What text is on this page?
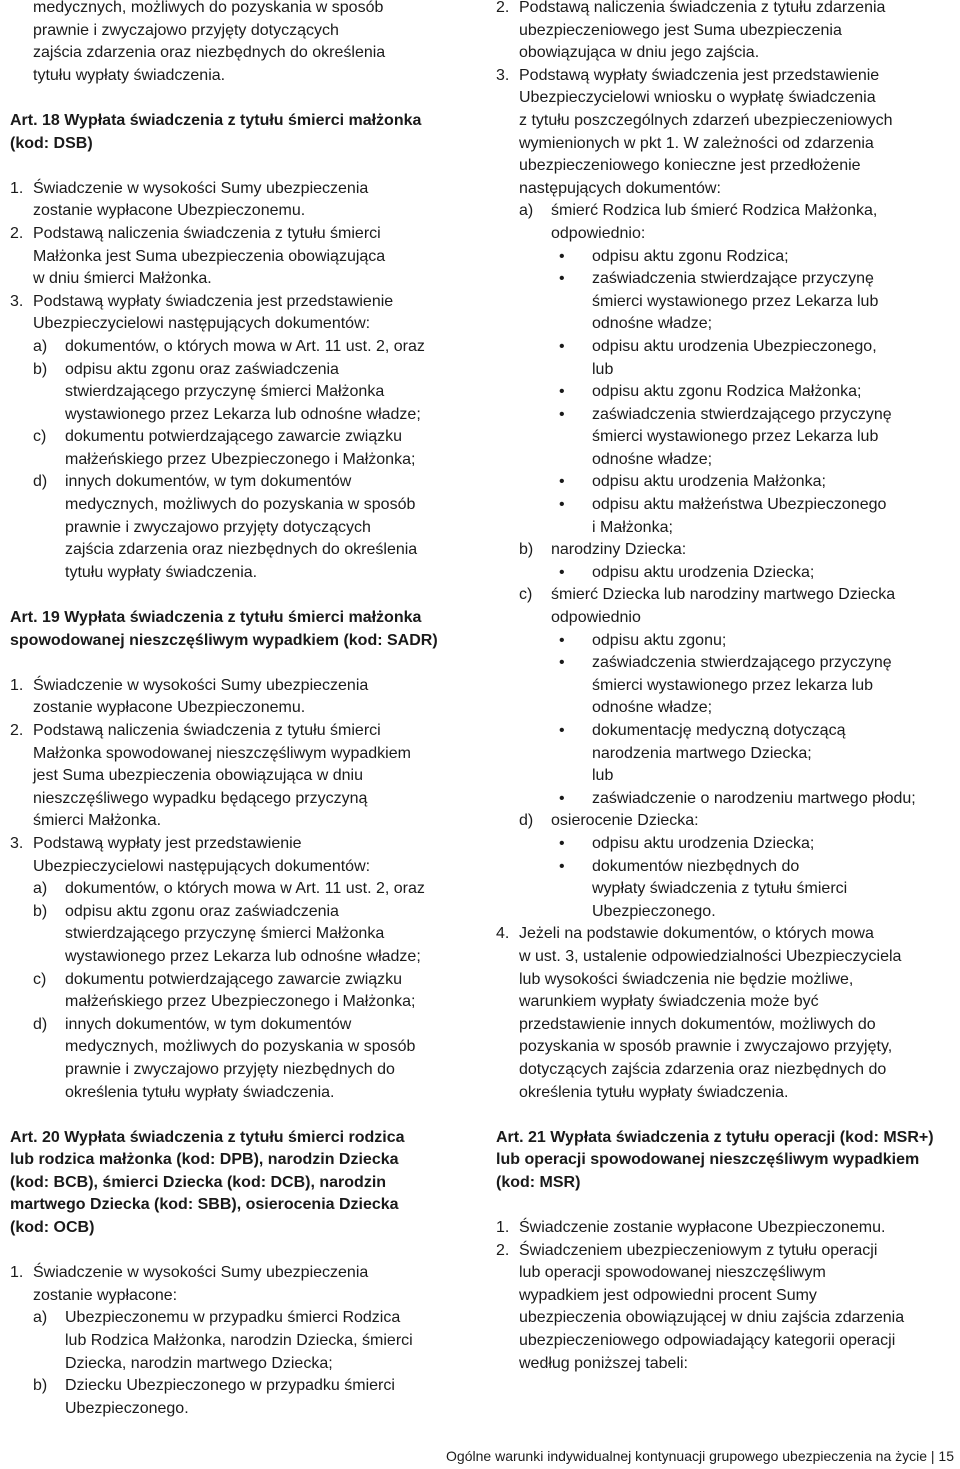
medycznych, możliwych do pozyskania w sposób
prawnie i zwyczajowo przyjęty dotyczących
zajścia zdarzenia oraz niezbędnych do określenia
tytułu wypłaty świadczenia.
Art. 18 Wypłata świadczenia z tytułu śmierci małżonka
(kod: DSB)
1. Świadczenie w wysokości Sumy ubezpieczenia
zostanie wypłacone Ubezpieczonemu.
2. Podstawą naliczenia świadczenia z tytułu śmierci
Małżonka jest Suma ubezpieczenia obowiązująca
w dniu śmierci Małżonka.
3. Podstawą wypłaty świadczenia jest przedstawienie
Ubezpieczycielowi następujących dokumentów:
a)	dokumentów, o których mowa w Art. 11 ust. 2, oraz
b)	odpisu aktu zgonu oraz zaświadczenia
stwierdzającego przyczynę śmierci Małżonka
wystawionego przez Lekarza lub odnośne władze;
c)	dokumentu potwierdzającego zawarcie związku
małżeńskiego przez Ubezpieczonego i Małżonka;
d)	innych dokumentów, w tym dokumentów
medycznych, możliwych do pozyskania w sposób
prawnie i zwyczajowo przyjęty dotyczących
zajścia zdarzenia oraz niezbędnych do określenia
tytułu wypłaty świadczenia.
Art. 19 Wypłata świadczenia z tytułu śmierci małżonka
spowodowanej nieszczęśliwym wypadkiem (kod: SADR)
1. Świadczenie w wysokości Sumy ubezpieczenia
zostanie wypłacone Ubezpieczonemu.
2. Podstawą naliczenia świadczenia z tytułu śmierci
Małżonka spowodowanej nieszczęśliwym wypadkiem
jest Suma ubezpieczenia obowiązująca w dniu
nieszczęśliwego wypadku będącego przyczyną
śmierci Małżonka.
3. Podstawą wypłaty jest przedstawienie
Ubezpieczycielowi następujących dokumentów:
a)	dokumentów, o których mowa w Art. 11 ust. 2, oraz
b)	odpisu aktu zgonu oraz zaświadczenia
stwierdzającego przyczynę śmierci Małżonka
wystawionego przez Lekarza lub odnośne władze;
c)	dokumentu potwierdzającego zawarcie związku
małżeńskiego przez Ubezpieczonego i Małżonka;
d)	innych dokumentów, w tym dokumentów
medycznych, możliwych do pozyskania w sposób
prawnie i zwyczajowo przyjęty niezbędnych do
określenia tytułu wypłaty świadczenia.
Art. 20 Wypłata świadczenia z tytułu śmierci rodzica
lub rodzica małżonka (kod: DPB), narodzin Dziecka
(kod: BCB), śmierci Dziecka (kod: DCB), narodzin
martwego Dziecka (kod: SBB), osierocenia Dziecka
(kod: OCB)
1. Świadczenie w wysokości Sumy ubezpieczenia
zostanie wypłacone:
a)	Ubezpieczonemu w przypadku śmierci Rodzica
lub Rodzica Małżonka, narodzin Dziecka, śmierci
Dziecka, narodzin martwego Dziecka;
b)	Dziecku Ubezpieczonego w przypadku śmierci
Ubezpieczonego.
2. Podstawą naliczenia świadczenia z tytułu zdarzenia
ubezpieczeniowego jest Suma ubezpieczenia
obowiązująca w dniu jego zajścia.
3. Podstawą wypłaty świadczenia jest przedstawienie
Ubezpieczycielowi wniosku o wypłatę świadczenia
z tytułu poszczególnych zdarzeń ubezpieczeniowych
wymienionych w pkt 1. W zależności od zdarzenia
ubezpieczeniowego konieczne jest przedłożenie
następujących dokumentów:
a)	śmierć Rodzica lub śmierć Rodzica Małżonka,
odpowiednio:
•	odpisu aktu zgonu Rodzica;
•	zaświadczenia stwierdzające przyczynę
śmierci wystawionego przez Lekarza lub
odnośne władze;
•	odpisu aktu urodzenia Ubezpieczonego,
lub
•	odpisu aktu zgonu Rodzica Małżonka;
•	zaświadczenia stwierdzającego przyczynę
śmierci wystawionego przez Lekarza lub
odnośne władze;
•	odpisu aktu urodzenia Małżonka;
•	odpisu aktu małżeństwa Ubezpieczonego
i Małżonka;
b)	narodziny Dziecka:
•	odpisu aktu urodzenia Dziecka;
c)	śmierć Dziecka lub narodziny martwego Dziecka
odpowiednio
•	odpisu aktu zgonu;
•	zaświadczenia stwierdzającego przyczynę
śmierci wystawionego przez lekarza lub
odnośne władze;
•	dokumentację medyczną dotyczącą
narodzenia martwego Dziecka;
lub
•	zaświadczenie o narodzeniu martwego płodu;
d)	osierocenie Dziecka:
•	odpisu aktu urodzenia Dziecka;
•	dokumentów niezbędnych do
wypłaty świadczenia z tytułu śmierci
Ubezpieczonego.
4. Jeżeli na podstawie dokumentów, o których mowa
w ust. 3, ustalenie odpowiedzialności Ubezpieczyciela
lub wysokości świadczenia nie będzie możliwe,
warunkiem wypłaty świadczenia może być
przedstawienie innych dokumentów, możliwych do
pozyskania w sposób prawnie i zwyczajowo przyjęty,
dotyczących zajścia zdarzenia oraz niezbędnych do
określenia tytułu wypłaty świadczenia.
Art. 21 Wypłata świadczenia z tytułu operacji (kod: MSR+)
lub operacji spowodowanej nieszczęśliwym wypadkiem
(kod: MSR)
1. Świadczenie zostanie wypłacone Ubezpieczonemu.
2. Świadczeniem ubezpieczeniowym z tytułu operacji
lub operacji spowodowanej nieszczęśliwym
wypadkiem jest odpowiedni procent Sumy
ubezpieczenia obowiązującej w dniu zajścia zdarzenia
ubezpieczeniowego odpowiadający kategorii operacji
według poniższej tabeli:
Ogólne warunki indywidualnej kontynuacji grupowego ubezpieczenia na życie | 15
